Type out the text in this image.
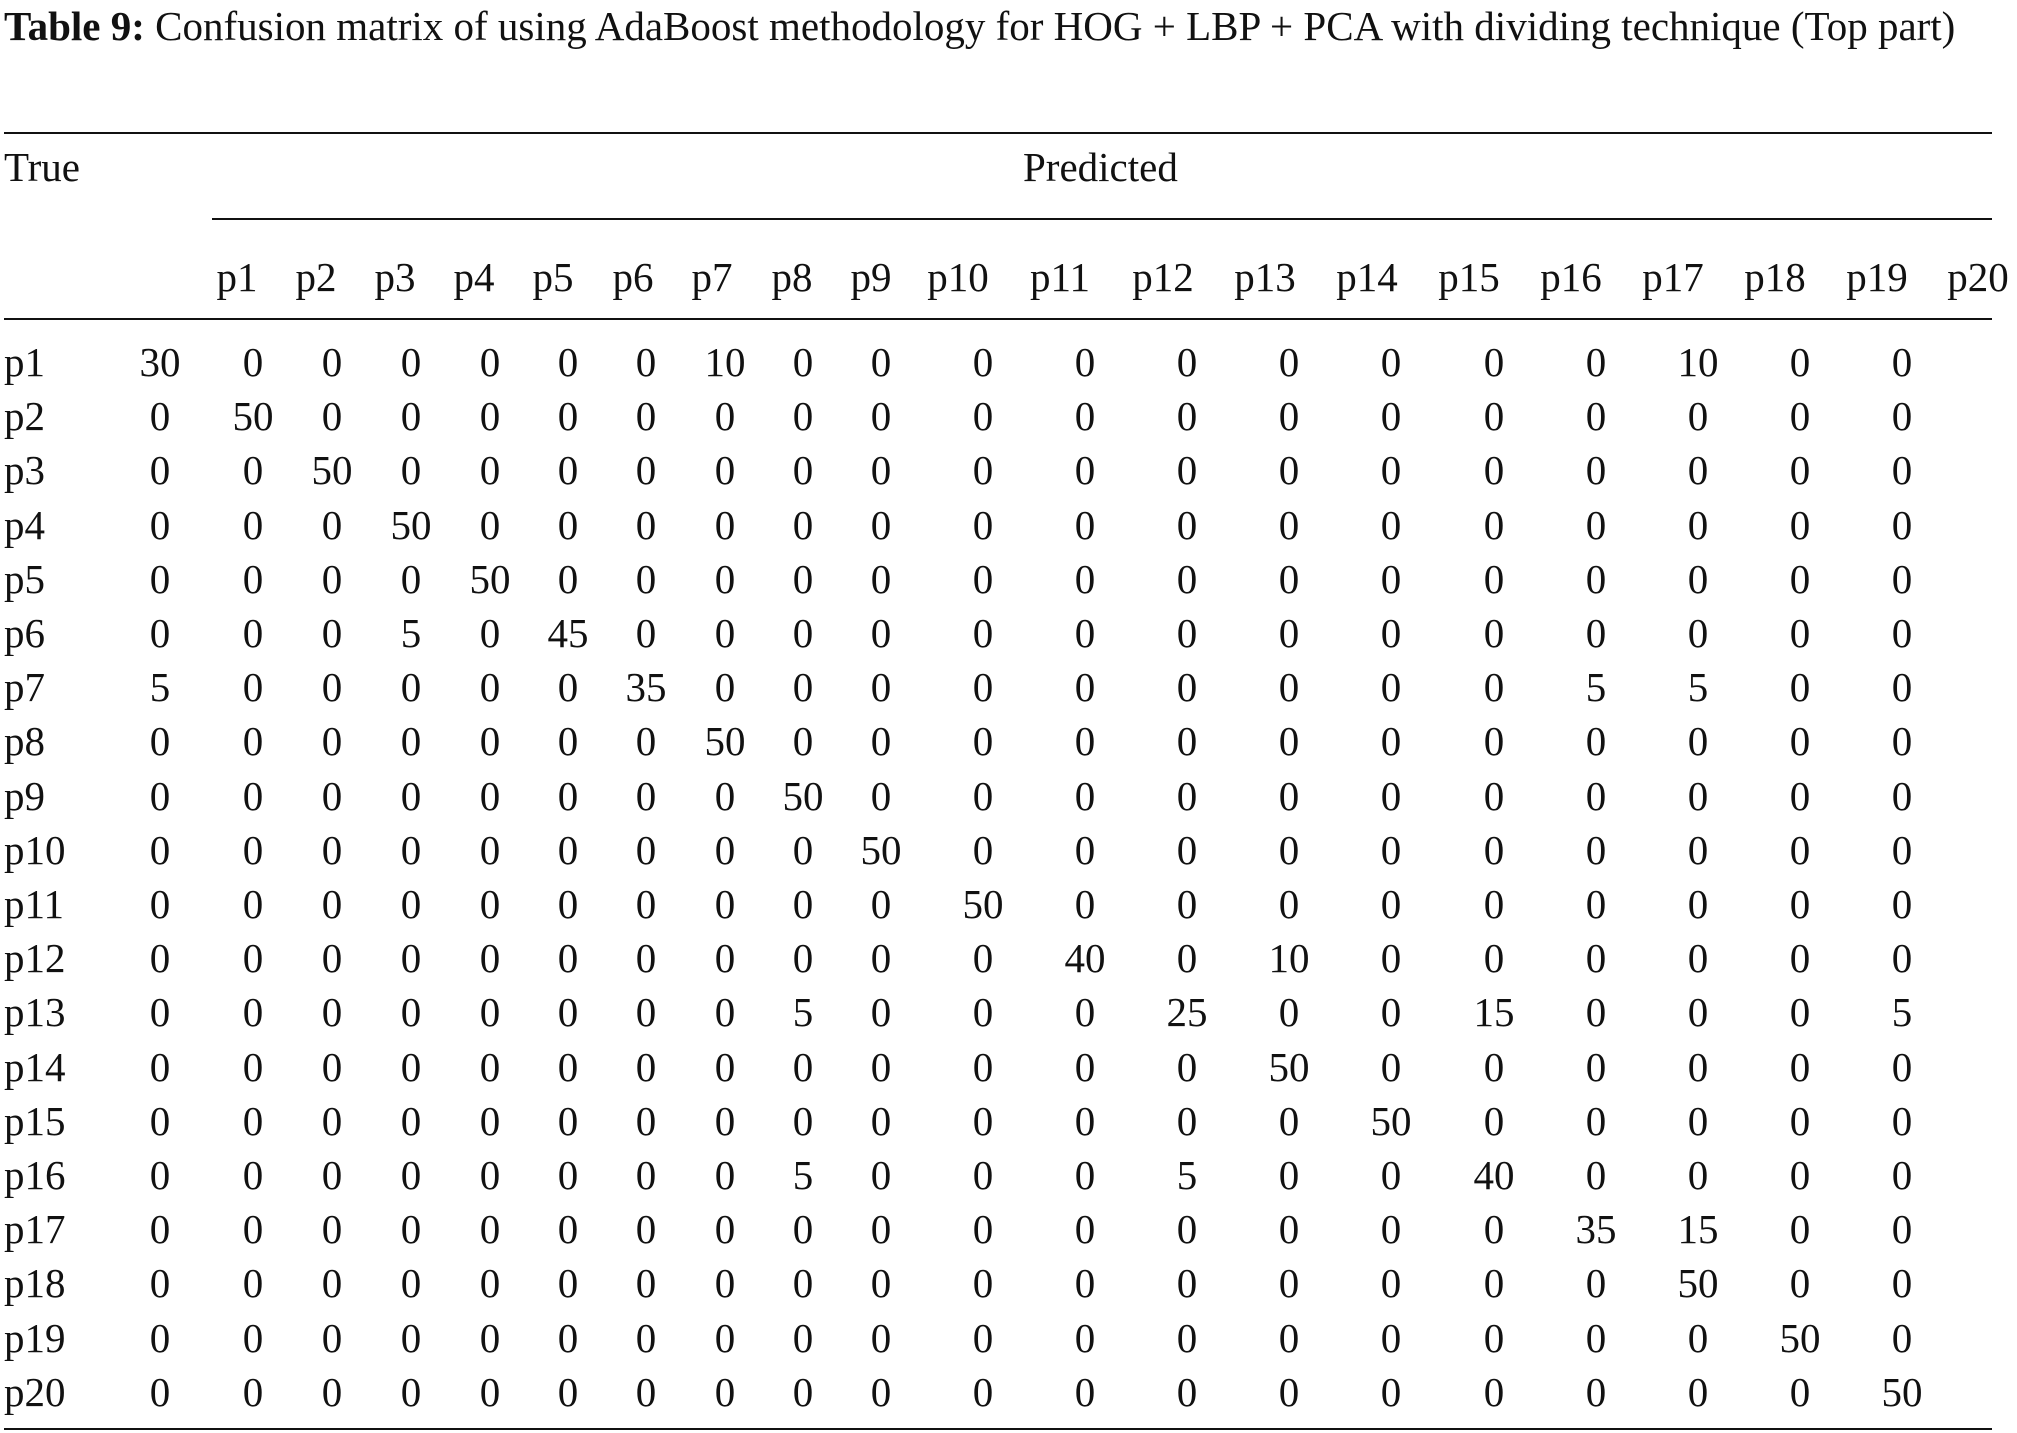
Table 9: Confusion matrix of using AdaBoost methodology for HOG + LBP + PCA with dividing technique (Top part)
True	Predicted
p1 p2 p3 p4 p5 p6 p7 p8 p9 p10 p11 p12 p13 p14 p15 p16 p17 p18 p19 p20
p1	30	0	0	0	0	0	0	10	0	0	0	0	0	0	0	0	0	10	0	0
p2	0	50	0	0	0	0	0	0	0	0	0	0	0	0	0	0	0	0	0	0
p3	0	0	50	0	0	0	0	0	0	0	0	0	0	0	0	0	0	0	0	0
p4	0	0	0	50	0	0	0	0	0	0	0	0	0	0	0	0	0	0	0	0
p5	0	0	0	0	50	0	0	0	0	0	0	0	0	0	0	0	0	0	0	0
p6	0	0	0	5	0	45	0	0	0	0	0	0	0	0	0	0	0	0	0	0
p7	5	0	0	0	0	0	35	0	0	0	0	0	0	0	0	0	5	5	0	0
p8	0	0	0	0	0	0	0	50	0	0	0	0	0	0	0	0	0	0	0	0
p9	0	0	0	0	0	0	0	0	50	0	0	0	0	0	0	0	0	0	0	0
p10	0	0	0	0	0	0	0	0	0	50	0	0	0	0	0	0	0	0	0	0
p11	0	0	0	0	0	0	0	0	0	0	50	0	0	0	0	0	0	0	0	0
p12	0	0	0	0	0	0	0	0	0	0	0	40	0	10	0	0	0	0	0	0
p13	0	0	0	0	0	0	0	0	5	0	0	0	25	0	0	15	0	0	0	5
p14	0	0	0	0	0	0	0	0	0	0	0	0	0	50	0	0	0	0	0	0
p15	0	0	0	0	0	0	0	0	0	0	0	0	0	0	50	0	0	0	0	0
p16	0	0	0	0	0	0	0	0	5	0	0	0	5	0	0	40	0	0	0	0
p17	0	0	0	0	0	0	0	0	0	0	0	0	0	0	0	0	35 15	0	0
p18	0	0	0	0	0	0	0	0	0	0	0	0	0	0	0	0	0	50	0	0
p19	0	0	0	0	0	0	0	0	0	0	0	0	0	0	0	0	0	0	50	0
p20	0	0	0	0	0	0	0	0	0	0	0	0	0	0	0	0	0	0	0	50
